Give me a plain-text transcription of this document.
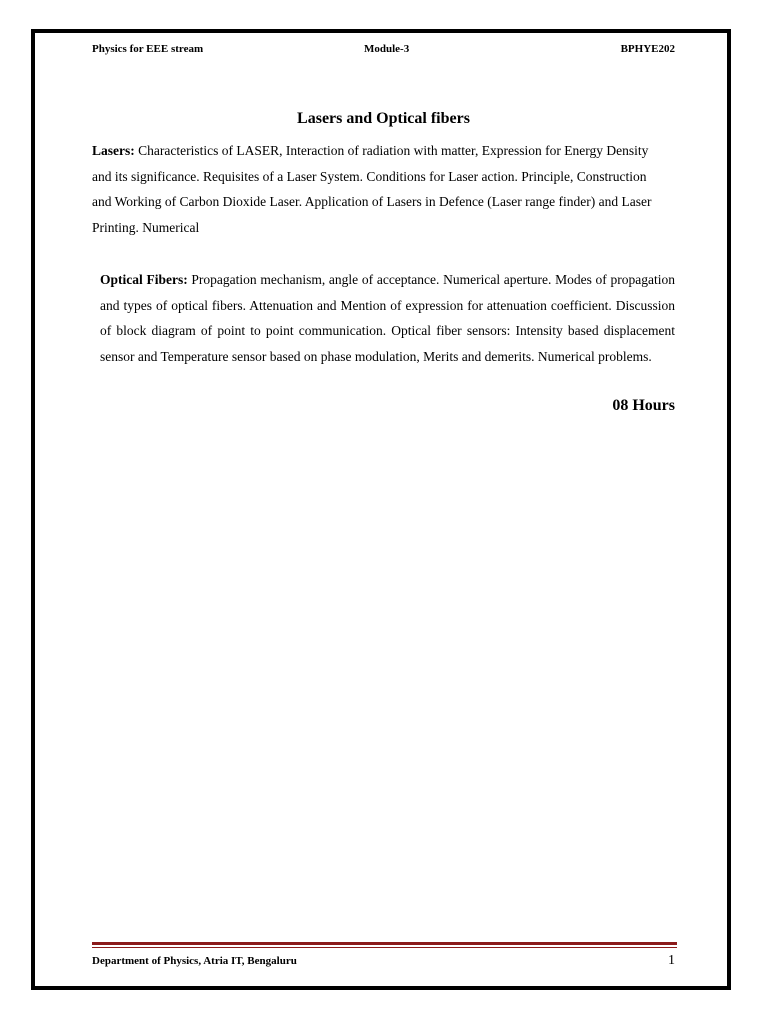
Physics for EEE stream	Module-3	BPHYE202
Lasers and Optical fibers
Lasers: Characteristics of LASER, Interaction of radiation with matter, Expression for Energy Density and its significance. Requisites of a Laser System. Conditions for Laser action. Principle, Construction and Working of Carbon Dioxide Laser. Application of Lasers in Defence (Laser range finder) and Laser Printing. Numerical
Optical Fibers: Propagation mechanism, angle of acceptance. Numerical aperture. Modes of propagation and types of optical fibers. Attenuation and Mention of expression for attenuation coefficient. Discussion of block diagram of point to point communication. Optical fiber sensors: Intensity based displacement sensor and Temperature sensor based on phase modulation, Merits and demerits. Numerical problems.
08 Hours
Department of Physics, Atria IT, Bengaluru	1
